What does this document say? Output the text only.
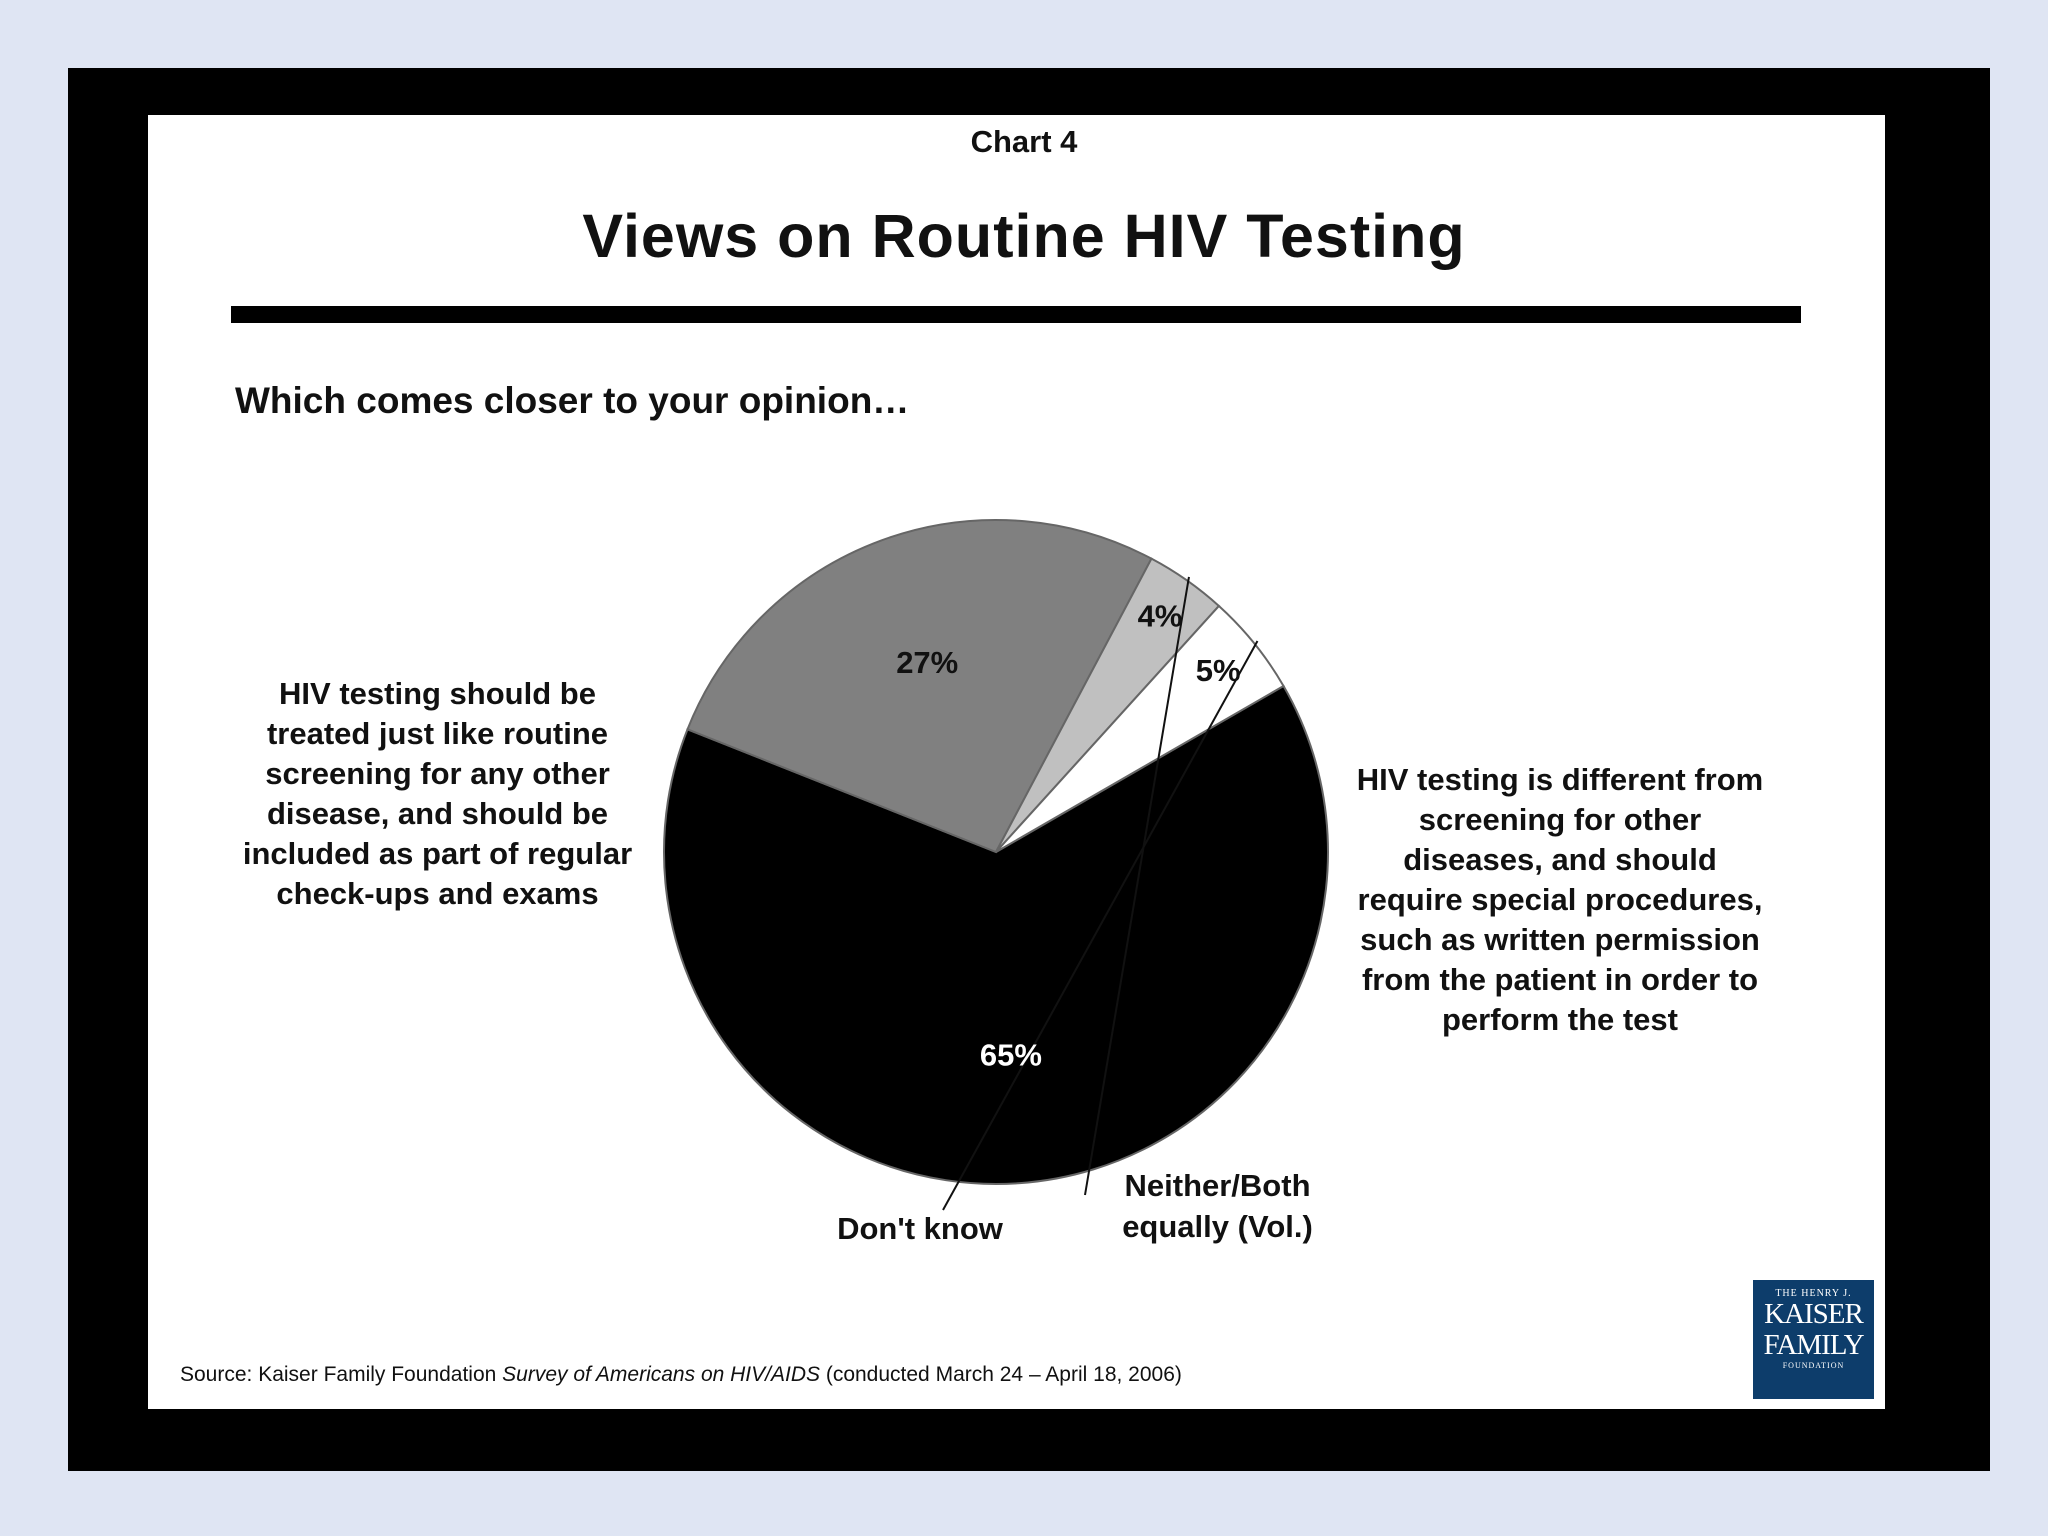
Chart 4

Views on Routine HIV Testing
Which comes closer to your opinion…
65%
27%
4%
5%
HIV testing should be treated just like routine screening for any other disease, and should be included as part of regular check-ups and exams
HIV testing is different from screening for other diseases, and should require special procedures, such as written permission from the patient in order to perform the test
Don't know
Neither/Both equally (Vol.)
Source: Kaiser Family Foundation Survey of Americans on HIV/AIDS (conducted March 24 – April 18, 2006)
THE HENRY J.
KAISER
FAMILY
FOUNDATION
